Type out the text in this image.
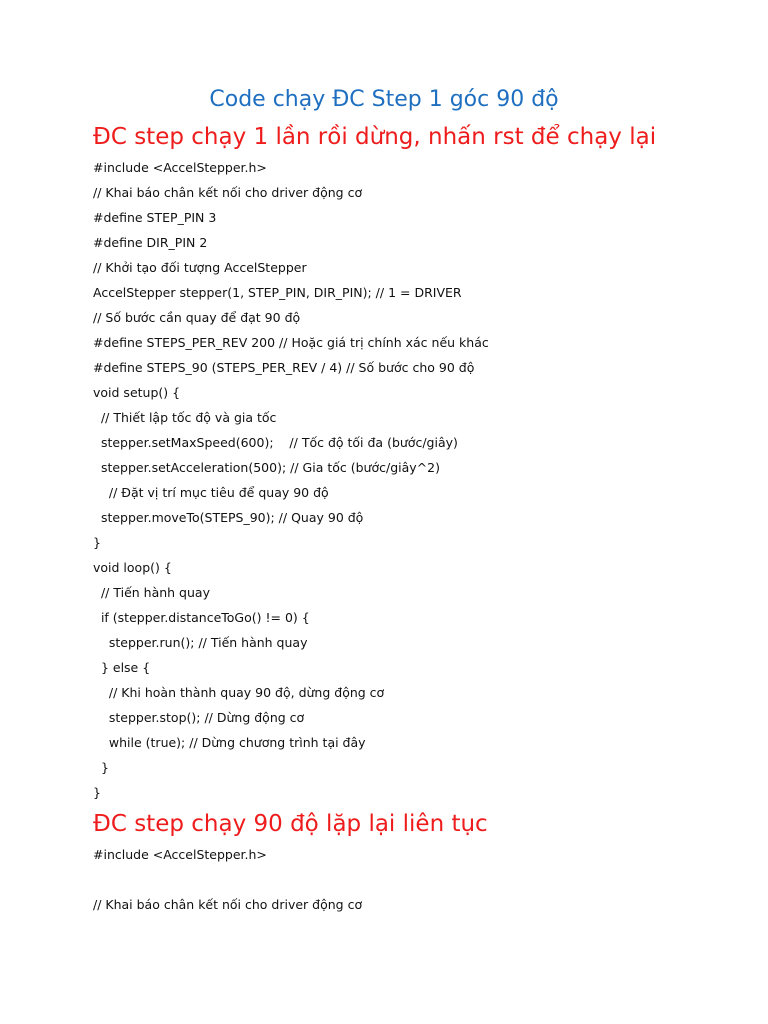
Code chạy ĐC Step 1 góc 90 độ
ĐC step chạy 1 lần rồi dừng, nhấn rst để chạy lại
#include <AccelStepper.h>
// Khai báo chân kết nối cho driver động cơ
#define STEP_PIN 3
#define DIR_PIN 2
// Khởi tạo đối tượng AccelStepper
AccelStepper stepper(1, STEP_PIN, DIR_PIN); // 1 = DRIVER
// Số bước cần quay để đạt 90 độ
#define STEPS_PER_REV 200 // Hoặc giá trị chính xác nếu khác
#define STEPS_90 (STEPS_PER_REV / 4) // Số bước cho 90 độ
void setup() {
// Thiết lập tốc độ và gia tốc
stepper.setMaxSpeed(600);    // Tốc độ tối đa (bước/giây)
stepper.setAcceleration(500); // Gia tốc (bước/giây^2)
// Đặt vị trí mục tiêu để quay 90 độ
stepper.moveTo(STEPS_90); // Quay 90 độ
}
void loop() {
// Tiến hành quay
if (stepper.distanceToGo() != 0) {
stepper.run(); // Tiến hành quay
} else {
// Khi hoàn thành quay 90 độ, dừng động cơ
stepper.stop(); // Dừng động cơ
while (true); // Dừng chương trình tại đây
}
}
ĐC step chạy 90 độ lặp lại liên tục
#include <AccelStepper.h>
// Khai báo chân kết nối cho driver động cơ
